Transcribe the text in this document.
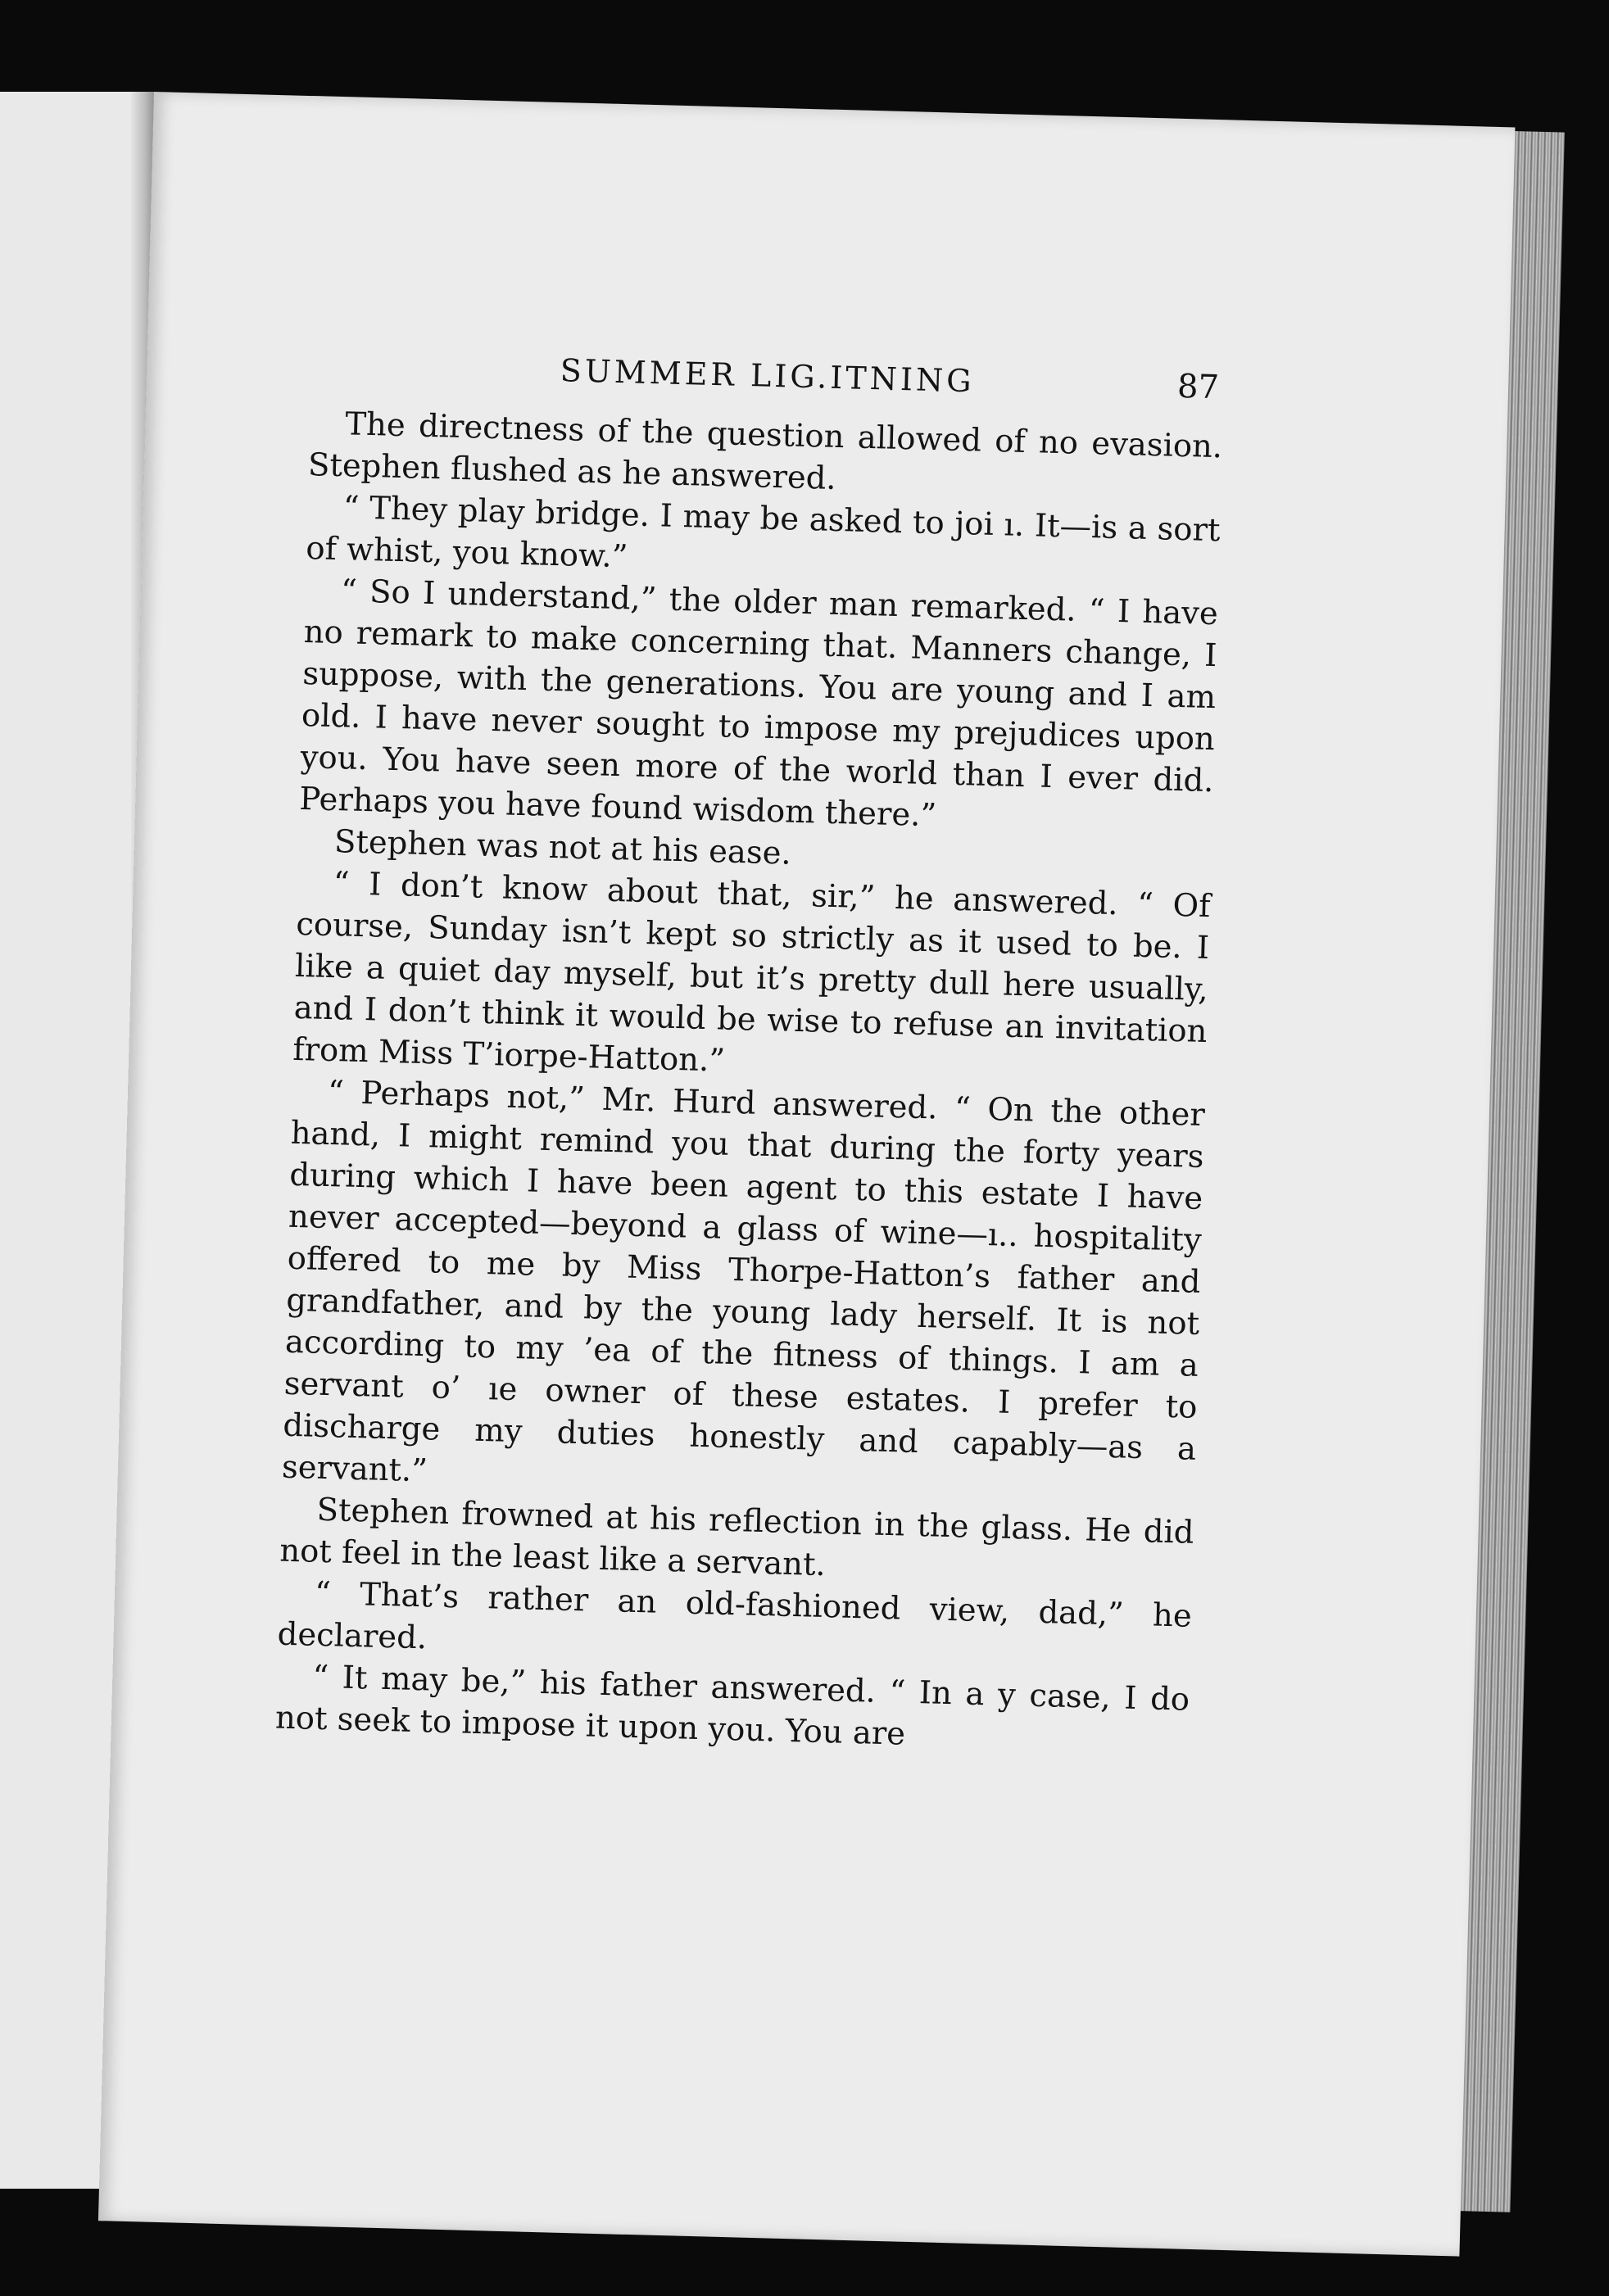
SUMMER LIG.ITNING	87

The directness of the question allowed of no evasion. Stephen flushed as he answered.

“ They play bridge. I may be asked to joi ı. It—is a sort of whist, you know.”

“ So I understand,” the older man remarked. “ I have no remark to make concerning that. Manners change, I suppose, with the generations. You are young and I am old. I have never sought to impose my prejudices upon you. You have seen more of the world than I ever did. Perhaps you have found wisdom there.”

Stephen was not at his ease.

“ I don’t know about that, sir,” he answered. “ Of course, Sunday isn’t kept so strictly as it used to be. I like a quiet day myself, but it’s pretty dull here usually, and I don’t think it would be wise to refuse an invitation from Miss T’iorpe-Hatton.”

“ Perhaps not,” Mr. Hurd answered. “ On the other hand, I might remind you that during the forty years during which I have been agent to this estate I have never accepted—beyond a glass of wine—ı.. hospitality offered to me by Miss Thorpe-Hatton’s father and grandfather, and by the young lady herself. It is not according to my ’ea of the fitness of things. I am a servant o’ ıe owner of these estates. I prefer to discharge my duties honestly and capably—as a servant.”

Stephen frowned at his reflection in the glass. He did not feel in the least like a servant.

“ That’s rather an old-fashioned view, dad,” he declared.

“ It may be,” his father answered. “ In a y case, I do not seek to impose it upon you. You are
